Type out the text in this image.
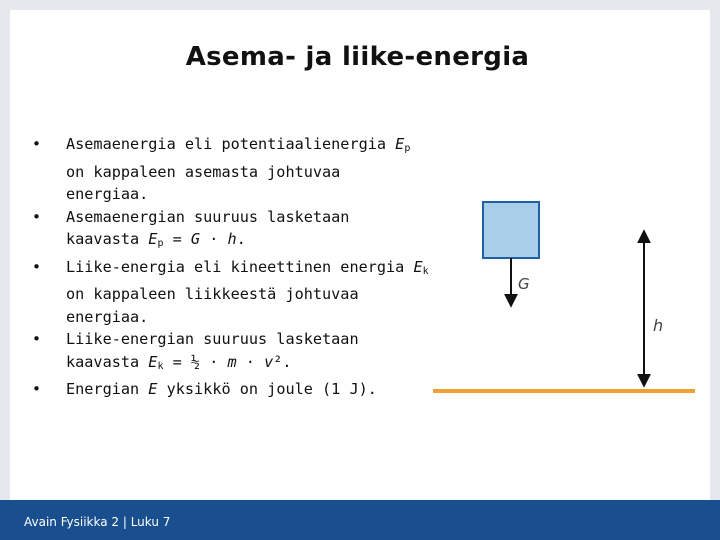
Asema- ja liike-energia
• Asemaenergia eli potentiaalienergia $E_p$ on kappaleen asemasta johtuvaa energiaa.
• Asemaenergian suuruus lasketaan kaavasta $E_p = G \cdot h$.
• Liike-energia eli kineettinen energia $E_k$ on kappaleen liikkeestä johtuvaa energiaa.
• Liike-energian suuruus lasketaan kaavasta $E_k$ = ½ · m · v².
• Energian E yksikkö on joule (1 J).
G
h
Avain Fysiikka 2 | Luku 7
